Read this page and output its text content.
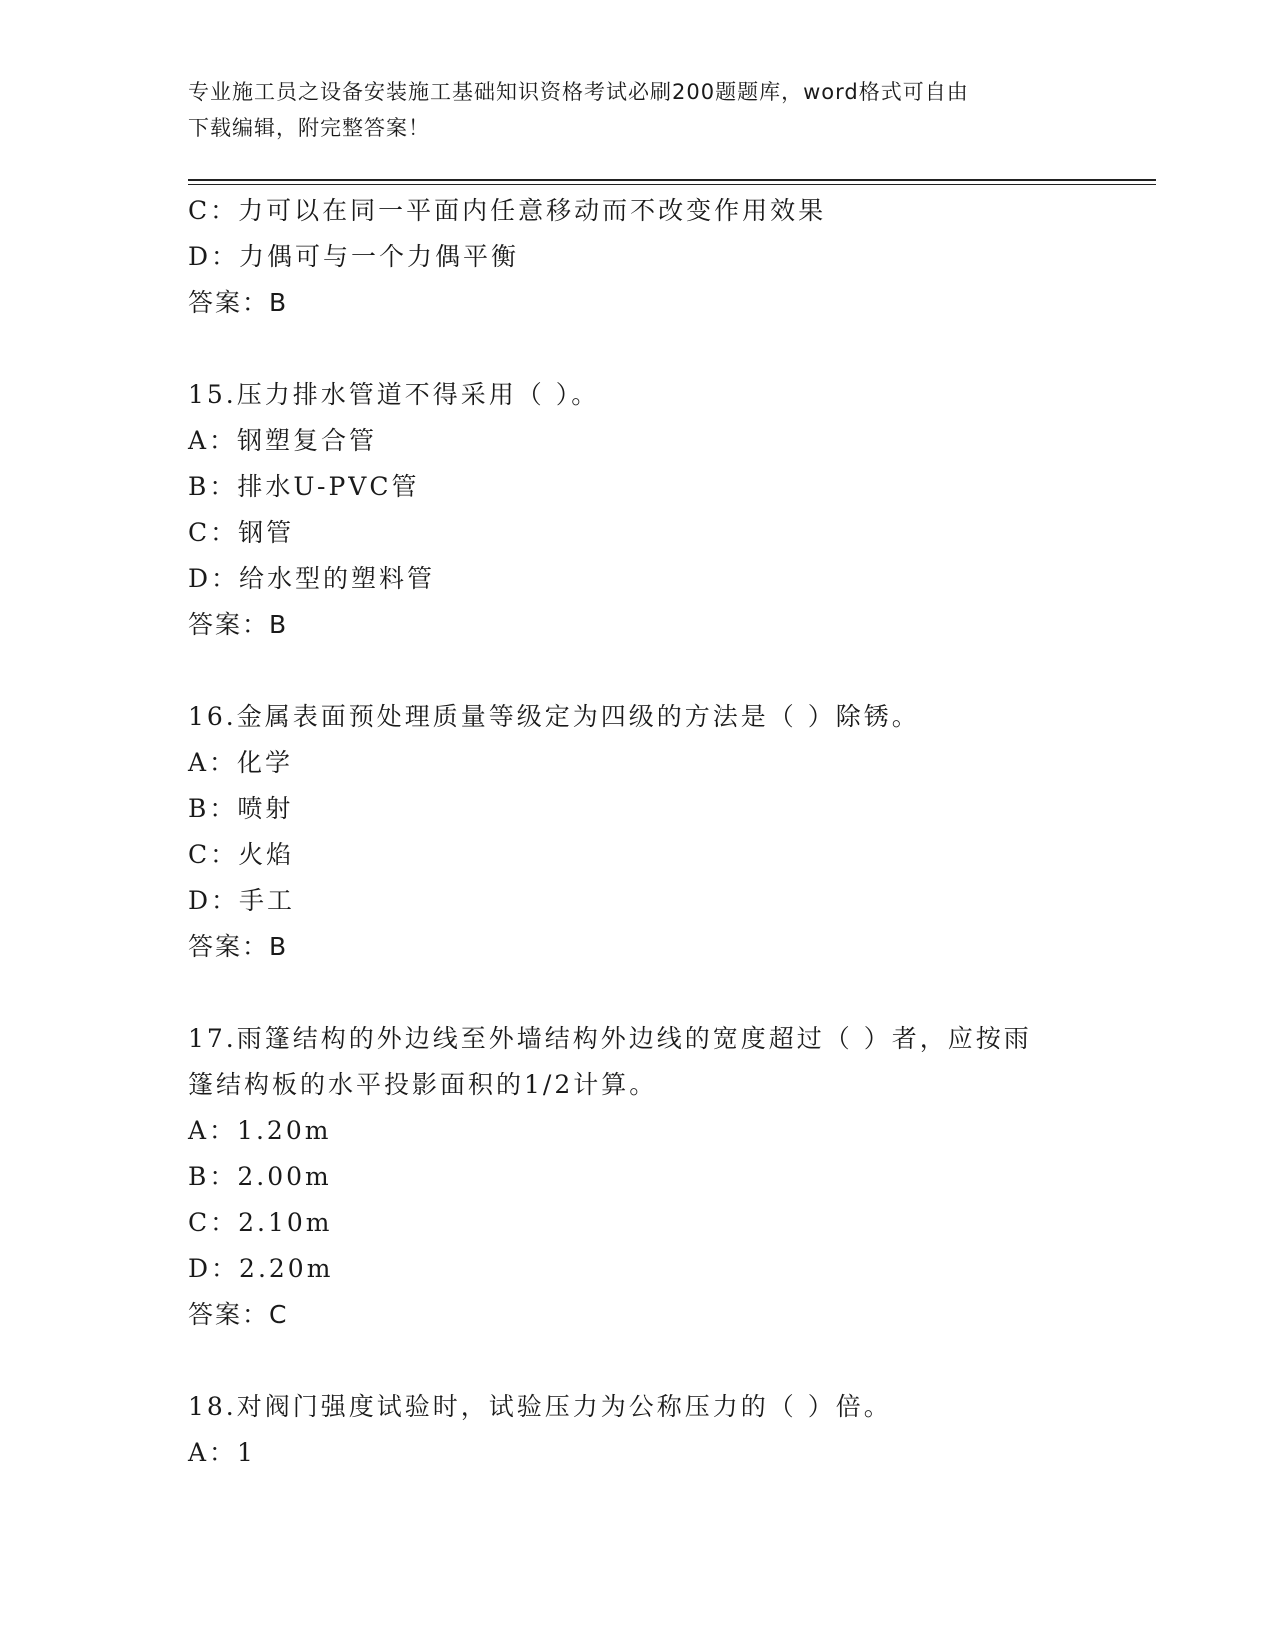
专业施工员之设备安装施工基础知识资格考试必刷200题题库，word格式可自由
下载编辑，附完整答案！
C：力可以在同一平面内任意移动而不改变作用效果
D：力偶可与一个力偶平衡
答案：B
15.压力排水管道不得采用（ ）。
A：钢塑复合管
B：排水U-PVC管
C：钢管
D：给水型的塑料管
答案：B
16.金属表面预处理质量等级定为四级的方法是（ ）除锈。
A：化学
B：喷射
C：火焰
D：手工
答案：B
17.雨篷结构的外边线至外墙结构外边线的宽度超过（ ）者，应按雨
篷结构板的水平投影面积的1/2计算。
A：1.20m
B：2.00m
C：2.10m
D：2.20m
答案：C
18.对阀门强度试验时，试验压力为公称压力的（ ）倍。
A：1
